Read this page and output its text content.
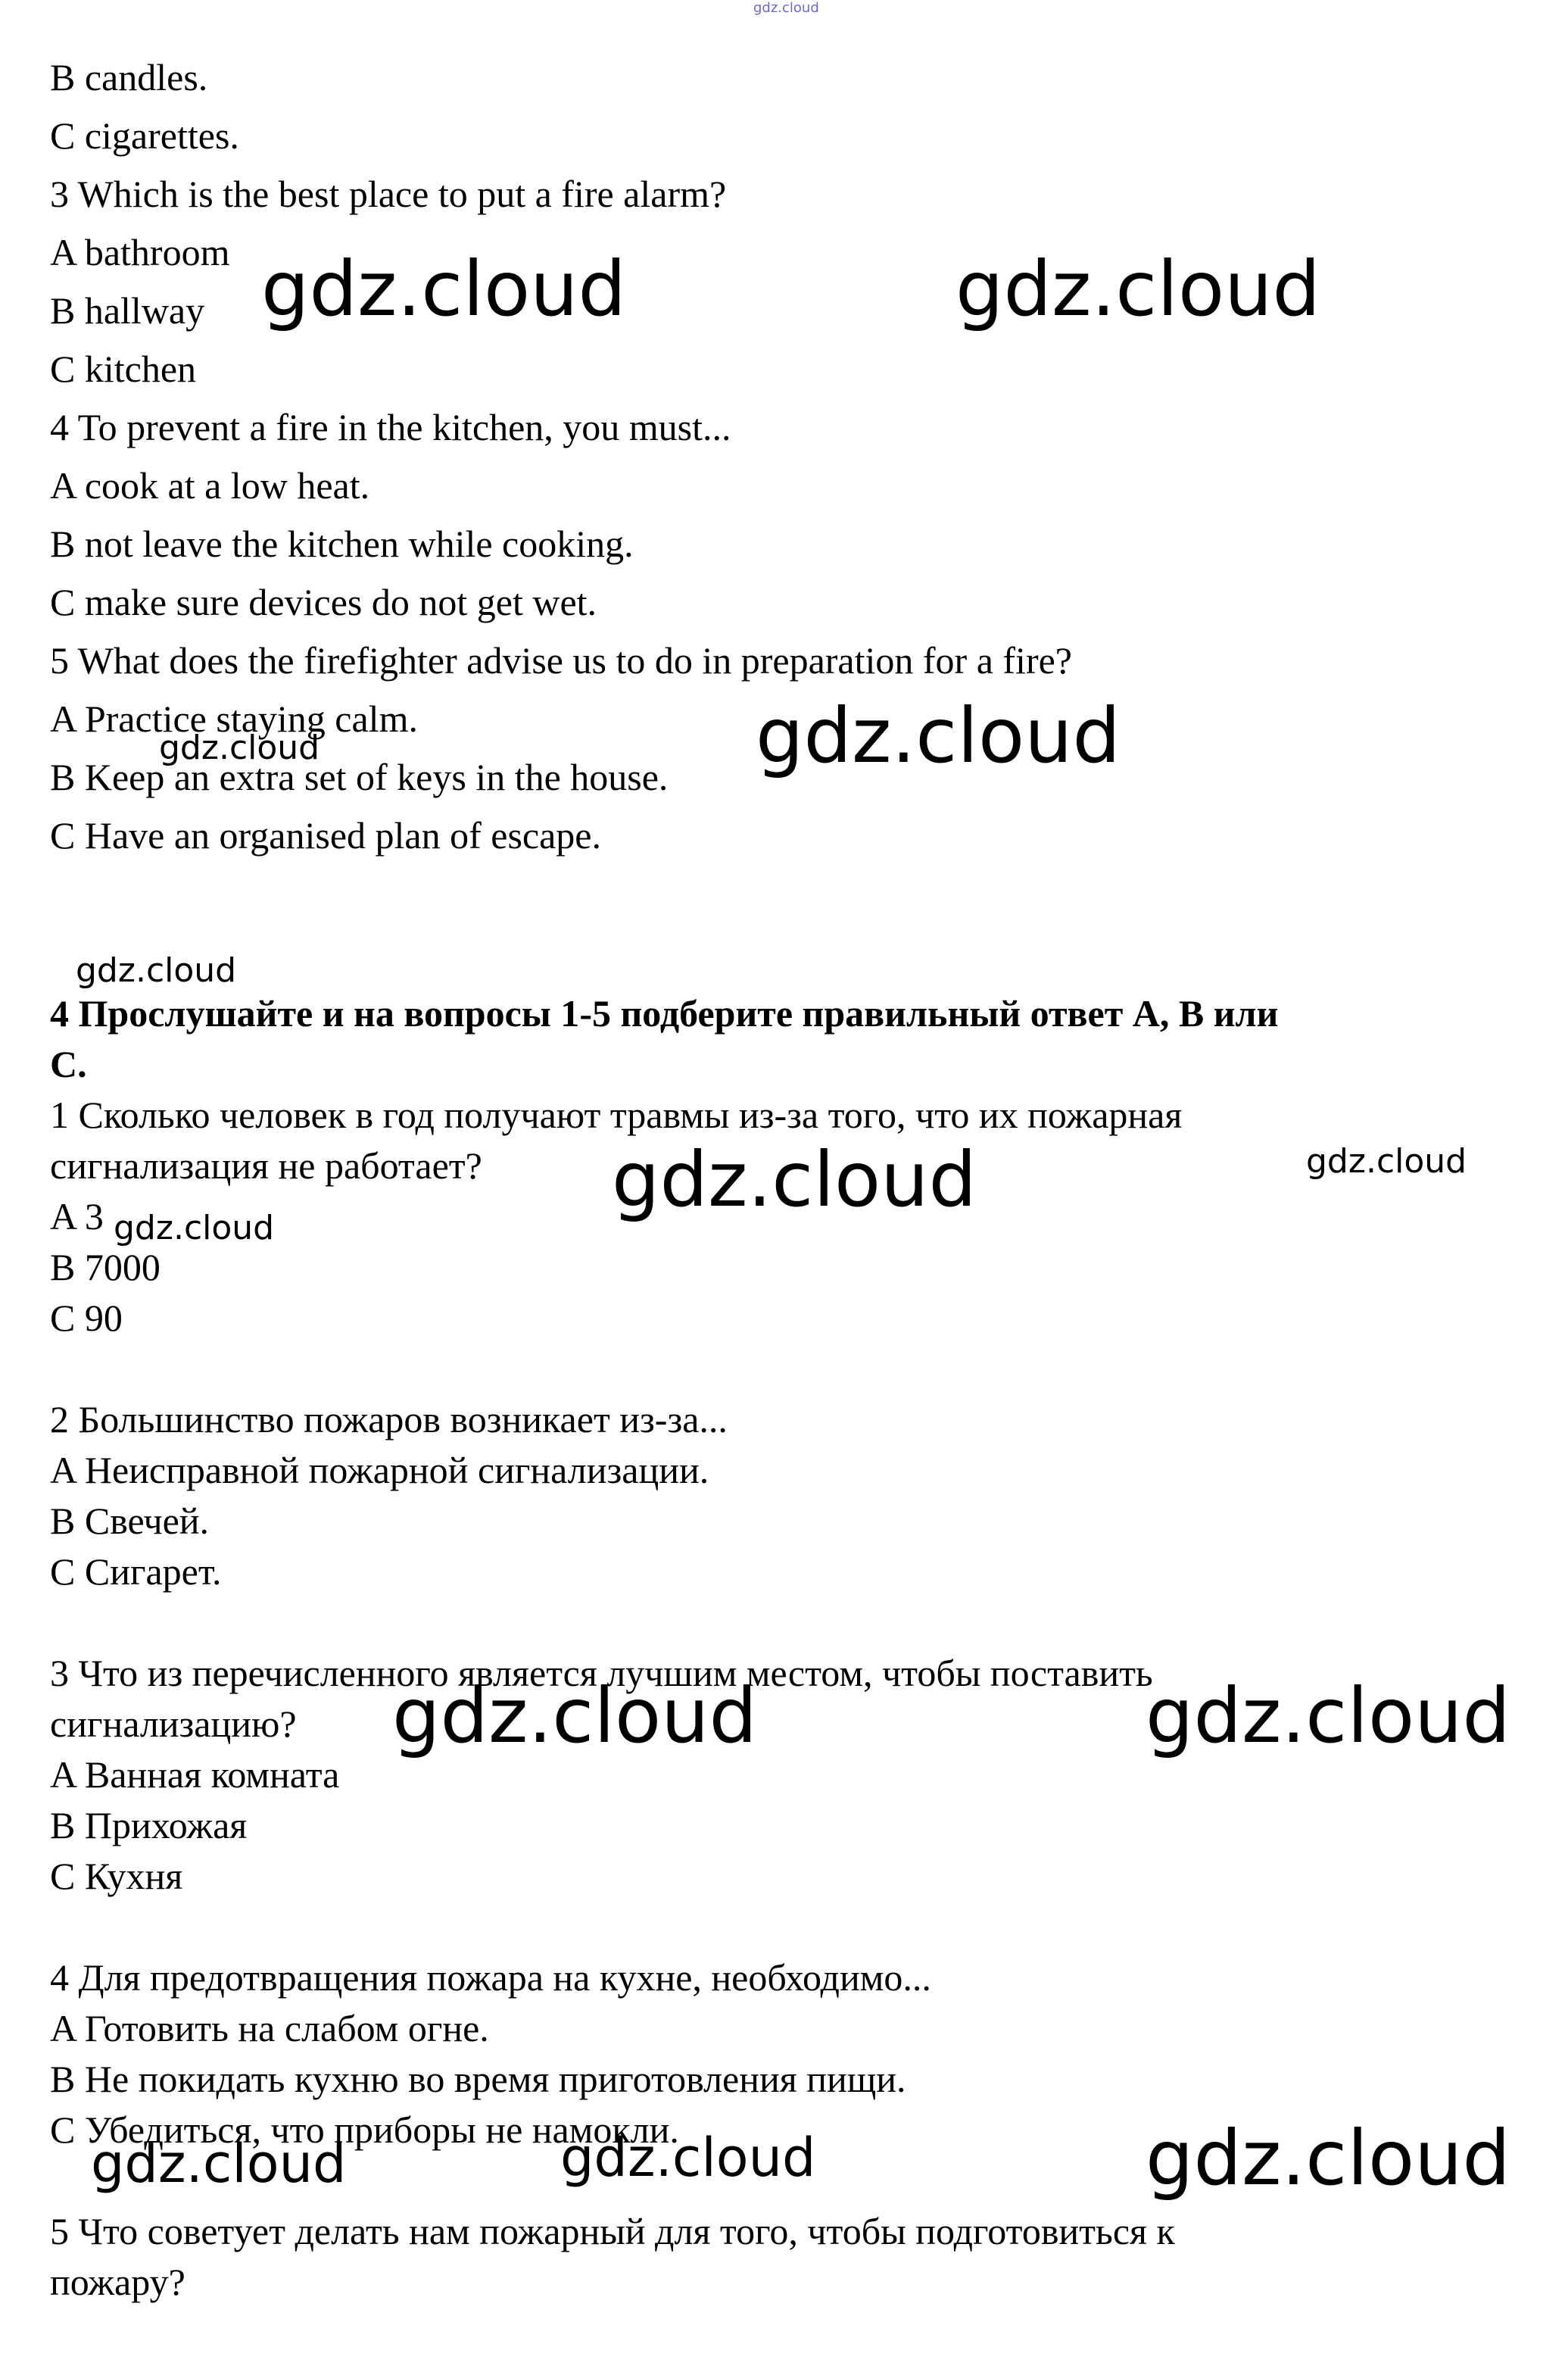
gdz.cloud
B candles.
C cigarettes.
3 Which is the best place to put a fire alarm?
A bathroom
B hallway
C kitchen
4 To prevent a fire in the kitchen, you must...
A cook at a low heat.
B not leave the kitchen while cooking.
C make sure devices do not get wet.
5 What does the firefighter advise us to do in preparation for a fire?
A Practice staying calm.
B Keep an extra set of keys in the house.
C Have an organised plan of escape.
4 Прослушайте и на вопросы 1-5 подберите правильный ответ A, B или
C.
1 Сколько человек в год получают травмы из-за того, что их пожарная
сигнализация не работает?
A 3
B 7000
C 90
2 Большинство пожаров возникает из-за...
A Неисправной пожарной сигнализации.
B Свечей.
C Сигарет.
3 Что из перечисленного является лучшим местом, чтобы поставить
сигнализацию?
A Ванная комната
B Прихожая
C Кухня
4 Для предотвращения пожара на кухне, необходимо...
A Готовить на слабом огне.
B Не покидать кухню во время приготовления пищи.
C Убедиться, что приборы не намокли.
5 Что советует делать нам пожарный для того, чтобы подготовиться к
пожару?
gdz.cloud	gdz.cloud
gdz.cloud	gdz.cloud
gdz.cloud
gdz.cloud	gdz.cloud
gdz.cloud
gdz.cloud	gdz.cloud
gdz.cloud	gdz.cloud	gdz.cloud
